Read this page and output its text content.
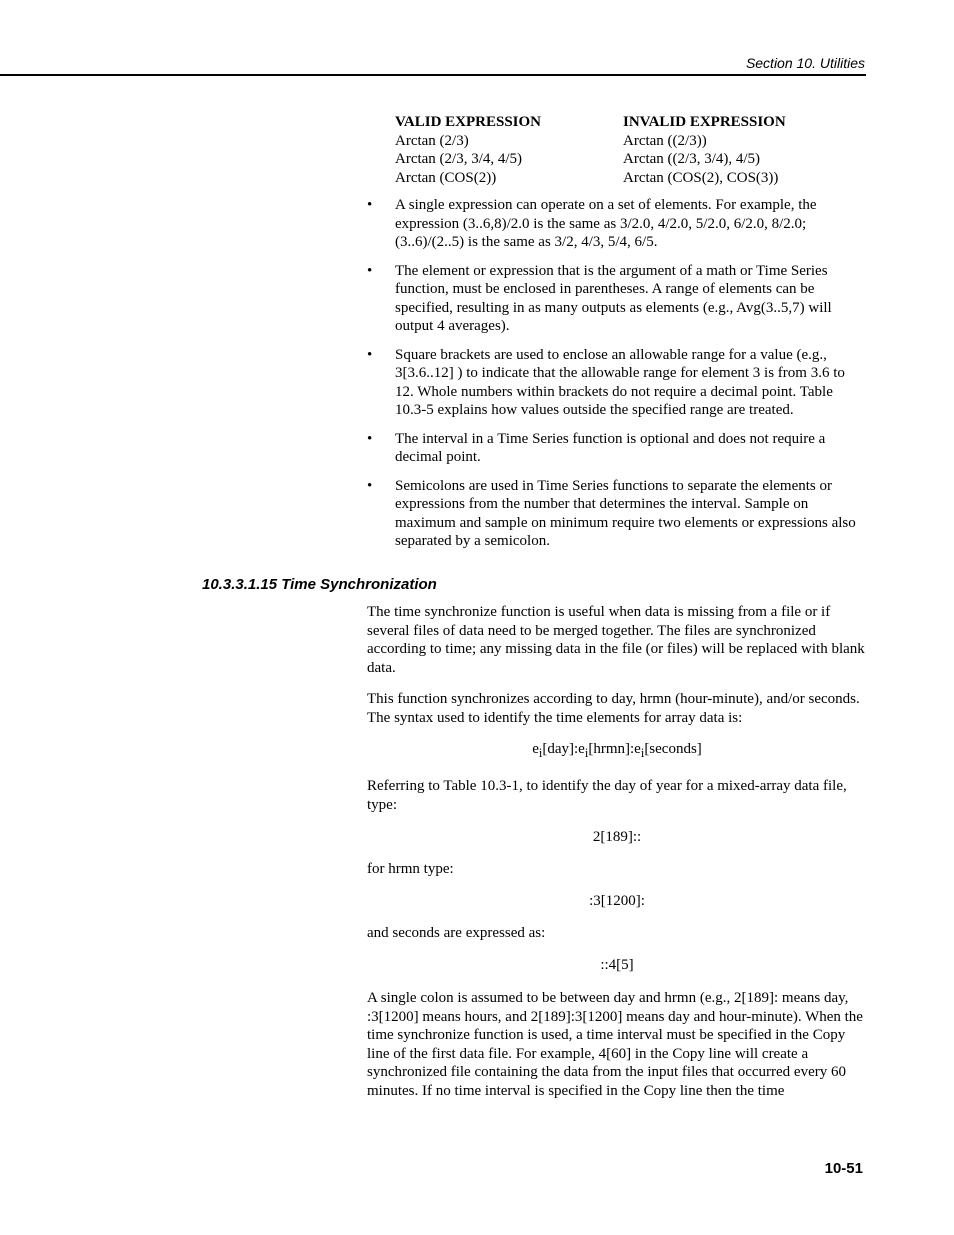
Section 10. Utilities
VALID EXPRESSION	INVALID EXPRESSION
Arctan (2/3)	Arctan ((2/3))
Arctan (2/3, 3/4, 4/5)	Arctan ((2/3, 3/4), 4/5)
Arctan (COS(2))	Arctan (COS(2), COS(3))
• A single expression can operate on a set of elements. For example, the expression (3..6,8)/2.0 is the same as 3/2.0, 4/2.0, 5/2.0, 6/2.0, 8/2.0; (3..6)/(2..5) is the same as 3/2, 4/3, 5/4, 6/5.
• The element or expression that is the argument of a math or Time Series function, must be enclosed in parentheses. A range of elements can be specified, resulting in as many outputs as elements (e.g., Avg(3..5,7) will output 4 averages).
• Square brackets are used to enclose an allowable range for a value (e.g., 3[3.6..12] ) to indicate that the allowable range for element 3 is from 3.6 to 12. Whole numbers within brackets do not require a decimal point. Table 10.3-5 explains how values outside the specified range are treated.
• The interval in a Time Series function is optional and does not require a decimal point.
• Semicolons are used in Time Series functions to separate the elements or expressions from the number that determines the interval. Sample on maximum and sample on minimum require two elements or expressions also separated by a semicolon.
10.3.3.1.15 Time Synchronization

The time synchronize function is useful when data is missing from a file or if several files of data need to be merged together. The files are synchronized according to time; any missing data in the file (or files) will be replaced with blank data.

This function synchronizes according to day, hrmn (hour-minute), and/or seconds. The syntax used to identify the time elements for array data is:

$e_i[day]:e_i[hrmn]:e_i[seconds]$

Referring to Table 10.3-1, to identify the day of year for a mixed-array data file, type:

2[189]::

for hrmn type:

:3[1200]:

and seconds are expressed as:

::4[5]

A single colon is assumed to be between day and hrmn (e.g., 2[189]: means day, :3[1200] means hours, and 2[189]:3[1200] means day and hour-minute). When the time synchronize function is used, a time interval must be specified in the Copy line of the first data file. For example, 4[60] in the Copy line will create a synchronized file containing the data from the input files that occurred every 60 minutes. If no time interval is specified in the Copy line then the time

10-51
